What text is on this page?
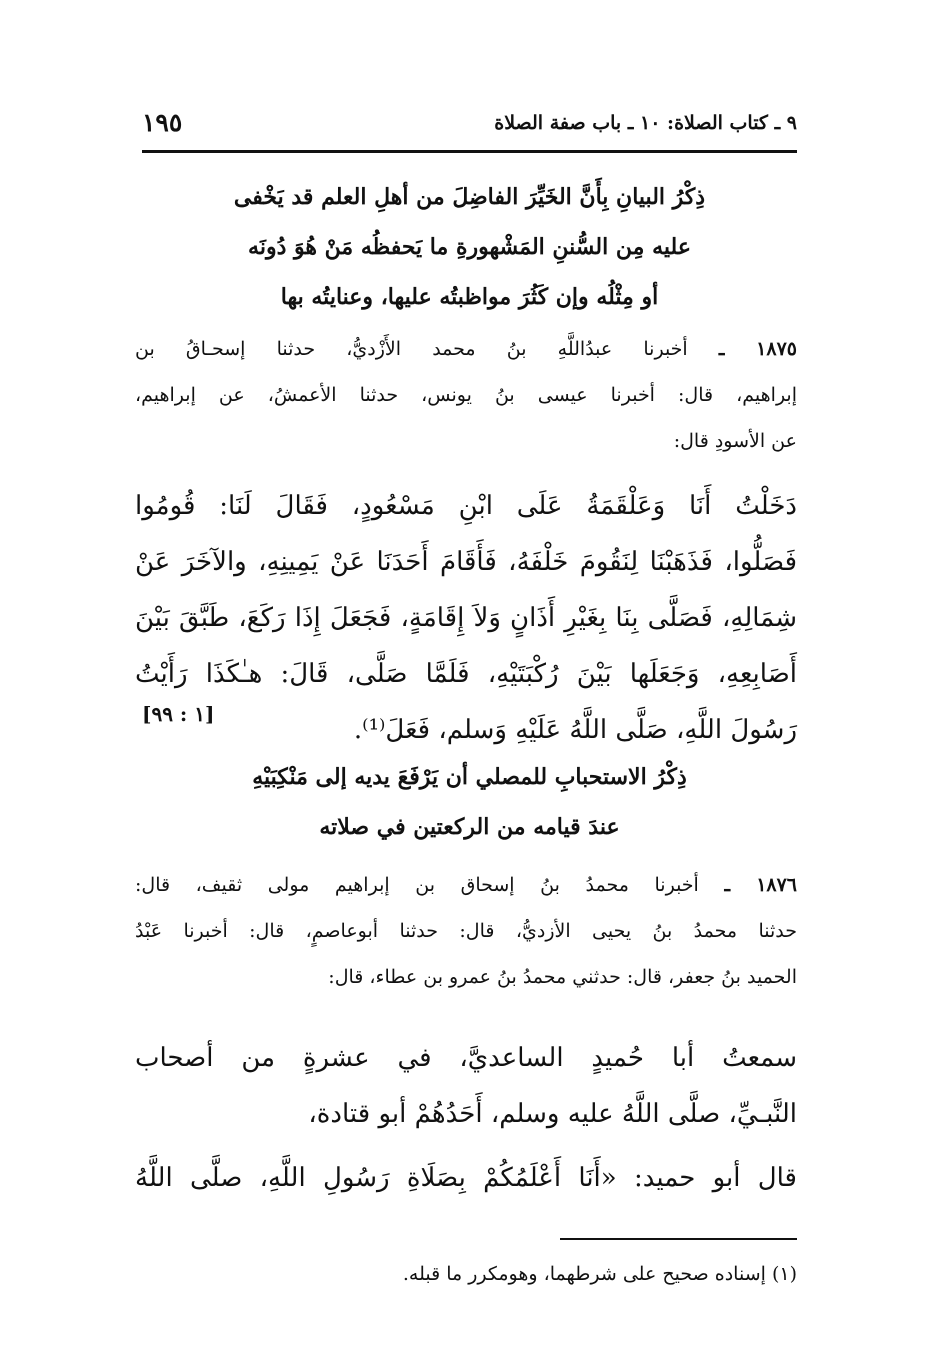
٩ ـ كتاب الصلاة: ١٠ ـ باب صفة الصلاة
١٩٥
ذِكْرُ البيانِ بِأَنَّ الخَيِّرَ الفاضِلَ من أهلِ العلم قد يَخْفى
عليه مِن السُّننِ المَشْهورةِ ما يَحفظُه مَنْ هُوَ دُونَه
أو مِثْلُه وإن كَثُرَ مواظبتُه عليها، وعنايتُه بها
١٨٧٥ ـ أخبرنا عبدُاللَّهِ بنُ محمد الأَزْديُّ، حدثنا إسحـاقُ بن
إبراهيم، قال: أخبرنا عيسى بنُ يونس، حدثنا الأعمشُ، عن إبراهيم،
عن الأسودِ قال:
دَخَلْتُ أَنَا وَعَلْقَمَةُ عَلَى ابْنِ مَسْعُودٍ، فَقَالَ لَنَا: قُومُوا
فَصَلُّوا، فَذَهَبْنَا لِنَقُومَ خَلْفَهُ، فَأَقَامَ أَحَدَنَا عَنْ يَمِينِهِ، والآخَرَ عَنْ
شِمَالِهِ، فَصَلَّى بِنَا بِغَيْرِ أَذَانٍ وَلاَ إِقَامَةٍ، فَجَعَلَ إِذَا رَكَعَ، طَبَّقَ بَيْنَ
أَصَابِعِهِ، وَجَعَلَها بَيْنَ رُكْبَتَيْهِ، فَلَمَّا صَلَّى، قَالَ: هـٰكَذَا رَأَيْتُ
رَسُولَ اللَّهِ، صَلَّى اللَّهُ عَلَيْهِ وَسلم، فَعَلَ⁽¹⁾.
[١ : ٩٩]
ذِكْرُ الاستحبابِ للمصلي أن يَرْفَعَ يديه إلى مَنْكِبَيْهِ
عندَ قيامه من الركعتين في صلاته
١٨٧٦ ـ أخبرنا محمدُ بنُ إسحاق بن إبراهيم مولى ثقيف، قال:
حدثنا محمدُ بنُ يحيى الأزديُّ، قال: حدثنا أبوعاصمٍ، قال: أخبرنا عَبْدُ
الحميد بنُ جعفر، قال: حدثني محمدُ بنُ عمرو بن عطاء، قال:
سمعتُ أبا حُميدٍ الساعديَّ، في عشرةٍ من أصحاب
النَّبـيِّ، صلَّى اللَّهُ عليه وسلم، أَحَدُهُمْ أبو قتادة،
قال أبو حميد: «أَنَا أَعْلَمُكُمْ بِصَلَاةِ رَسُولِ اللَّهِ، صلَّى اللَّهُ
(١) إسناده صحيح على شرطهما، وهومكرر ما قبله.
